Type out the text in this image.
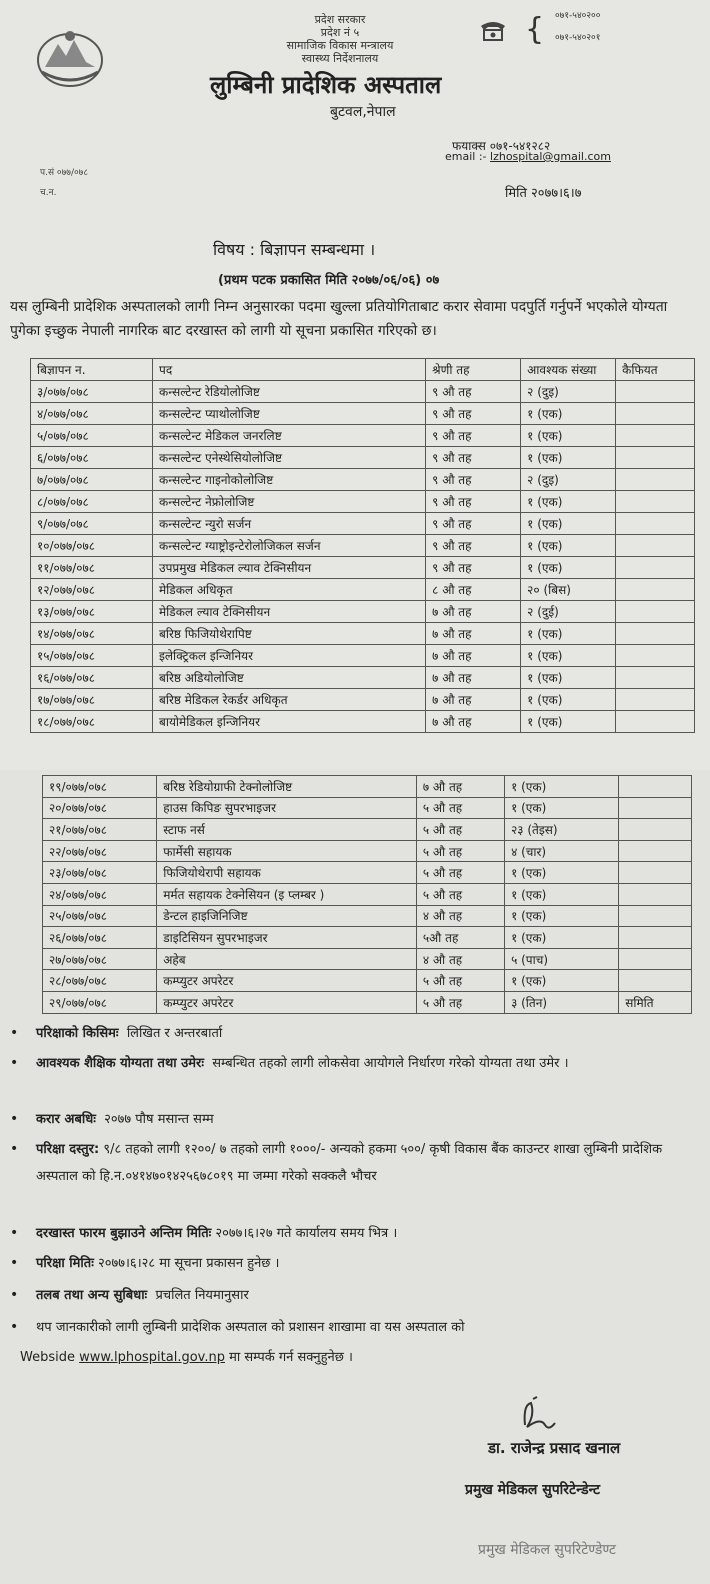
प्रदेश सरकार
प्रदेश नं ५
सामाजिक विकास मन्त्रालय
स्वास्थ्य निर्देशनालय
लुम्बिनी प्रादेशिक अस्पताल
बुटवल,नेपाल
{ ०७१-५४०२००
०७१-५४०२०१
फयाक्स ०७१-५४१२८२
email :- lzhospital@gmail.com
प.सं ०७७/०७८
च.न.	मिति २०७७।६।७
विषय : बिज्ञापन सम्बन्धमा ।
(प्रथम पटक प्रकासित मिति २०७७/०६/०६) ०७
यस लुम्बिनी प्रादेशिक अस्पतालको लागी निम्न अनुसारका पदमा खुल्ला प्रतियोगिताबाट करार सेवामा पदपुर्ति गर्नुपर्ने भएकोले योग्यता पुगेका इच्छुक नेपाली नागरिक बाट दरखास्त को लागी यो सूचना प्रकासित गरिएको छ।
बिज्ञापन न.	पद	श्रेणी तह	आवश्यक संख्या	कैफियत
३/०७७/०७८	कन्सल्टेन्ट रेडियोलोजिष्ट	९ औ तह	२ (दुइ)	
४/०७७/०७८	कन्सल्टेन्ट प्याथोलोजिष्ट	९ औ तह	१ (एक)	
५/०७७/०७८	कन्सल्टेन्ट मेडिकल जनरलिष्ट	९ औ तह	१ (एक)	
६/०७७/०७८	कन्सल्टेन्ट एनेस्थेसियोलोजिष्ट	९ औ तह	१ (एक)	
७/०७७/०७८	कन्सल्टेन्ट गाइनोकोलोजिष्ट	९ औ तह	२ (दुइ)	
८/०७७/०७८	कन्सल्टेन्ट नेफ्रोलोजिष्ट	९ औ तह	१ (एक)	
९/०७७/०७८	कन्सल्टेन्ट न्युरो सर्जन	९ औ तह	१ (एक)	
१०/०७७/०७८	कन्सल्टेन्ट ग्याष्ट्रोइन्टेरोलोजिकल सर्जन	९ औ तह	१ (एक)	
११/०७७/०७८	उपप्रमुख मेडिकल ल्याव टेक्निसीयन	९ औ तह	१ (एक)	
१२/०७७/०७८	मेडिकल अधिकृत	८ औ तह	२० (बिस)	
१३/०७७/०७८	मेडिकल ल्याव टेक्निसीयन	७ औ तह	२ (दुई)	
१४/०७७/०७८	बरिष्ठ फिजियोथेरापिष्ट	७ औ तह	१ (एक)	
१५/०७७/०७८	इलेक्ट्रिकल इन्जिनियर	७ औ तह	१ (एक)	
१६/०७७/०७८	बरिष्ठ अडियोलोजिष्ट	७ औ तह	१ (एक)	
१७/०७७/०७८	बरिष्ठ मेडिकल रेकर्डर अधिकृत	७ औ तह	१ (एक)	
१८/०७७/०७८	बायोमेडिकल इन्जिनियर	७ औ तह	१ (एक)	
१९/०७७/०७८	बरिष्ठ रेडियोग्राफी टेक्नोलोजिष्ट	७ औ तह	१ (एक)	
२०/०७७/०७८	हाउस किपिङ सुपरभाइजर	५ औ तह	१ (एक)	
२१/०७७/०७८	स्टाफ नर्स	५ औ तह	२३ (तेइस)	
२२/०७७/०७८	फार्मेसी सहायक	५ औ तह	४ (चार)	
२३/०७७/०७८	फिजियोथेरापी सहायक	५ औ तह	१ (एक)	
२४/०७७/०७८	मर्मत सहायक टेक्नेसियन (इ प्लम्बर )	५ औ तह	१ (एक)	
२५/०७७/०७८	डेन्टल हाइजिनिजिष्ट	४ औ तह	१ (एक)	
२६/०७७/०७८	डाइटिसियन सुपरभाइजर	५औ तह	१ (एक)	
२७/०७७/०७८	अहेब	४ औ तह	५ (पाच)	
२८/०७७/०७८	कम्प्युटर अपरेटर	५ औ तह	१ (एक)	
२९/०७७/०७८	कम्प्युटर अपरेटर	५ औ तह	३ (तिन)	समिति
• परिक्षाको किसिमः लिखित र अन्तरबार्ता
• आवश्यक शैक्षिक योग्यता तथा उमेरः सम्बन्धित तहको लागी लोकसेवा आयोगले निर्धारण गरेको योग्यता तथा उमेर ।
• करार अबधिः २०७७ पौष मसान्त सम्म
• परिक्षा दस्तुर: ९/८ तहको लागी १२००/ ७ तहको लागी १०००/- अन्यको हकमा ५००/ कृषी विकास बैंक काउन्टर शाखा लुम्बिनी प्रादेशिक अस्पताल को हि.न.०४१४७०१४२५६७८०१९ मा जम्मा गरेको सक्कलै भौचर
• दरखास्त फारम बुझाउने अन्तिम मितिः २०७७।६।२७ गते कार्यालय समय भित्र ।
• परिक्षा मितिः २०७७।६।२८ मा सूचना प्रकासन हुनेछ ।
• तलब तथा अन्य सुबिधाः प्रचलित नियमानुसार
• थप जानकारीको लागी लुम्बिनी प्रादेशिक अस्पताल को प्रशासन शाखामा वा यस अस्पताल को
Webside www.lphospital.gov.np मा सम्पर्क गर्न सक्नुहुनेछ ।
डा. राजेन्द्र प्रसाद खनाल
प्रमुख मेडिकल सुपरिटेन्डेन्ट
प्रमुख मेडिकल सुपरिटेण्डेण्ट
